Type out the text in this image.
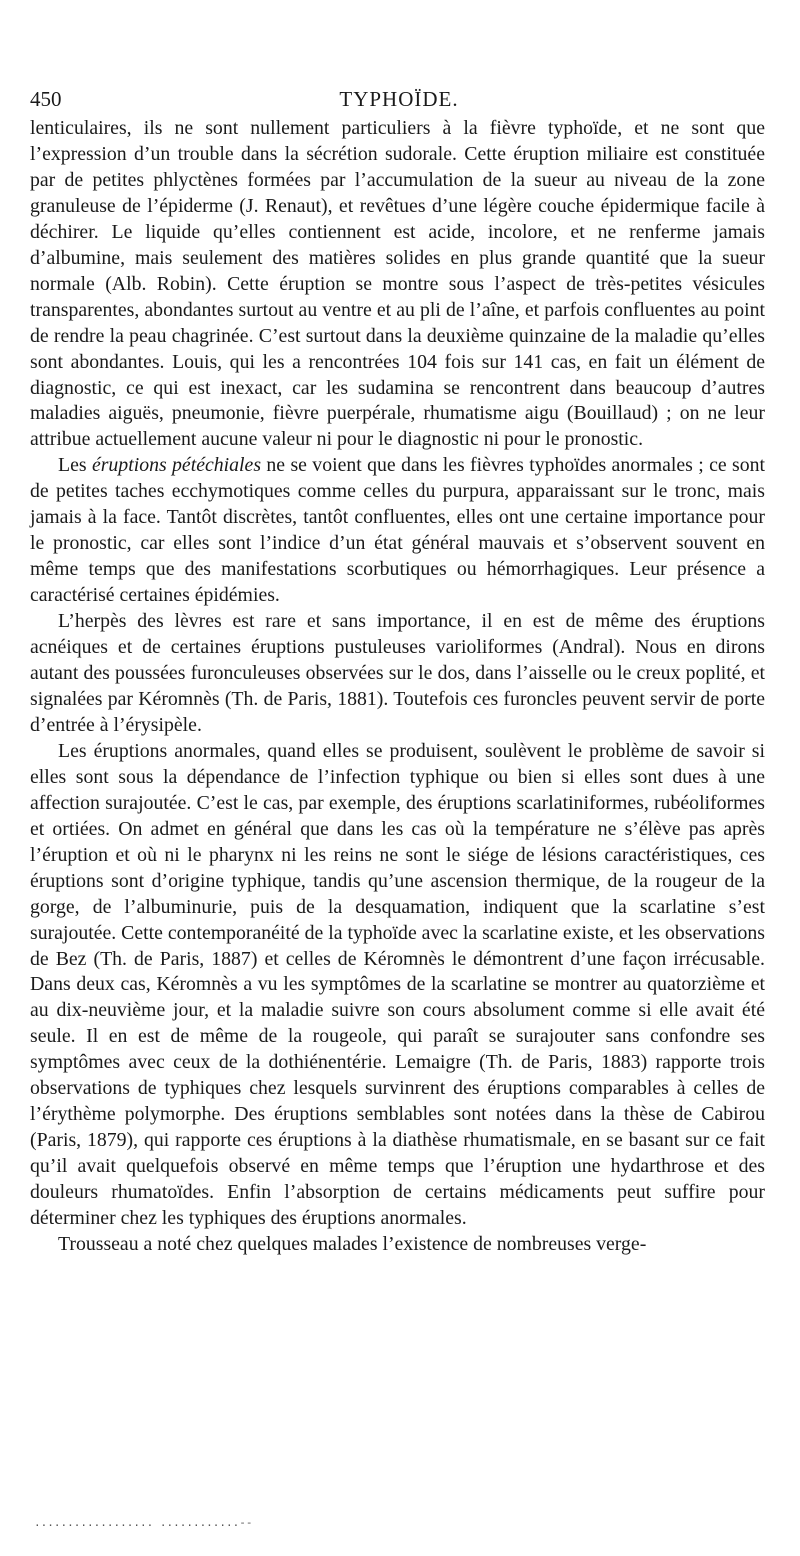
450	TYPHOÏDE.

lenticulaires, ils ne sont nullement particuliers à la fièvre typhoïde, et ne sont que l’expression d’un trouble dans la sécrétion sudorale. Cette éruption miliaire est constituée par de petites phlyctènes formées par l’accumulation de la sueur au niveau de la zone granuleuse de l’épiderme (J. Renaut), et revêtues d’une légère couche épidermique facile à déchirer. Le liquide qu’elles contiennent est acide, incolore, et ne renferme jamais d’albumine, mais seulement des matières solides en plus grande quantité que la sueur normale (Alb. Robin). Cette éruption se montre sous l’aspect de très-petites vésicules transparentes, abondantes surtout au ventre et au pli de l’aîne, et parfois confluentes au point de rendre la peau chagrinée. C’est surtout dans la deuxième quinzaine de la maladie qu’elles sont abondantes. Louis, qui les a rencontrées 104 fois sur 141 cas, en fait un élément de diagnostic, ce qui est inexact, car les sudamina se rencontrent dans beaucoup d’autres maladies aiguës, pneumonie, fièvre puerpérale, rhumatisme aigu (Bouillaud) ; on ne leur attribue actuellement aucune valeur ni pour le diagnostic ni pour le pronostic.

Les éruptions pétéchiales ne se voient que dans les fièvres typhoïdes anormales ; ce sont de petites taches ecchymotiques comme celles du purpura, apparaissant sur le tronc, mais jamais à la face. Tantôt discrètes, tantôt confluentes, elles ont une certaine importance pour le pronostic, car elles sont l’indice d’un état général mauvais et s’observent souvent en même temps que des manifestations scorbutiques ou hémorrhagiques. Leur présence a caractérisé certaines épidémies.

L’herpès des lèvres est rare et sans importance, il en est de même des éruptions acnéiques et de certaines éruptions pustuleuses varioliformes (Andral). Nous en dirons autant des poussées furonculeuses observées sur le dos, dans l’aisselle ou le creux poplité, et signalées par Kéromnès (Th. de Paris, 1881). Toutefois ces furoncles peuvent servir de porte d’entrée à l’érysipèle.

Les éruptions anormales, quand elles se produisent, soulèvent le problème de savoir si elles sont sous la dépendance de l’infection typhique ou bien si elles sont dues à une affection surajoutée. C’est le cas, par exemple, des éruptions scarlatiniformes, rubéoliformes et ortiées. On admet en général que dans les cas où la température ne s’élève pas après l’éruption et où ni le pharynx ni les reins ne sont le siége de lésions caractéristiques, ces éruptions sont d’origine typhique, tandis qu’une ascension thermique, de la rougeur de la gorge, de l’albuminurie, puis de la desquamation, indiquent que la scarlatine s’est surajoutée. Cette contemporanéité de la typhoïde avec la scarlatine existe, et les observations de Bez (Th. de Paris, 1887) et celles de Kéromnès le démontrent d’une façon irrécusable. Dans deux cas, Kéromnès a vu les symptômes de la scarlatine se montrer au quatorzième et au dix-neuvième jour, et la maladie suivre son cours absolument comme si elle avait été seule. Il en est de même de la rougeole, qui paraît se surajouter sans confondre ses symptômes avec ceux de la dothiénentérie. Lemaigre (Th. de Paris, 1883) rapporte trois observations de typhiques chez lesquels survinrent des éruptions comparables à celles de l’érythème polymorphe. Des éruptions semblables sont notées dans la thèse de Cabirou (Paris, 1879), qui rapporte ces éruptions à la diathèse rhumatismale, en se basant sur ce fait qu’il avait quelquefois observé en même temps que l’éruption une hydarthrose et des douleurs rhumatoïdes. Enfin l’absorption de certains médicaments peut suffire pour déterminer chez les typhiques des éruptions anormales.

Trousseau a noté chez quelques malades l’existence de nombreuses verge-

.................. ............--
